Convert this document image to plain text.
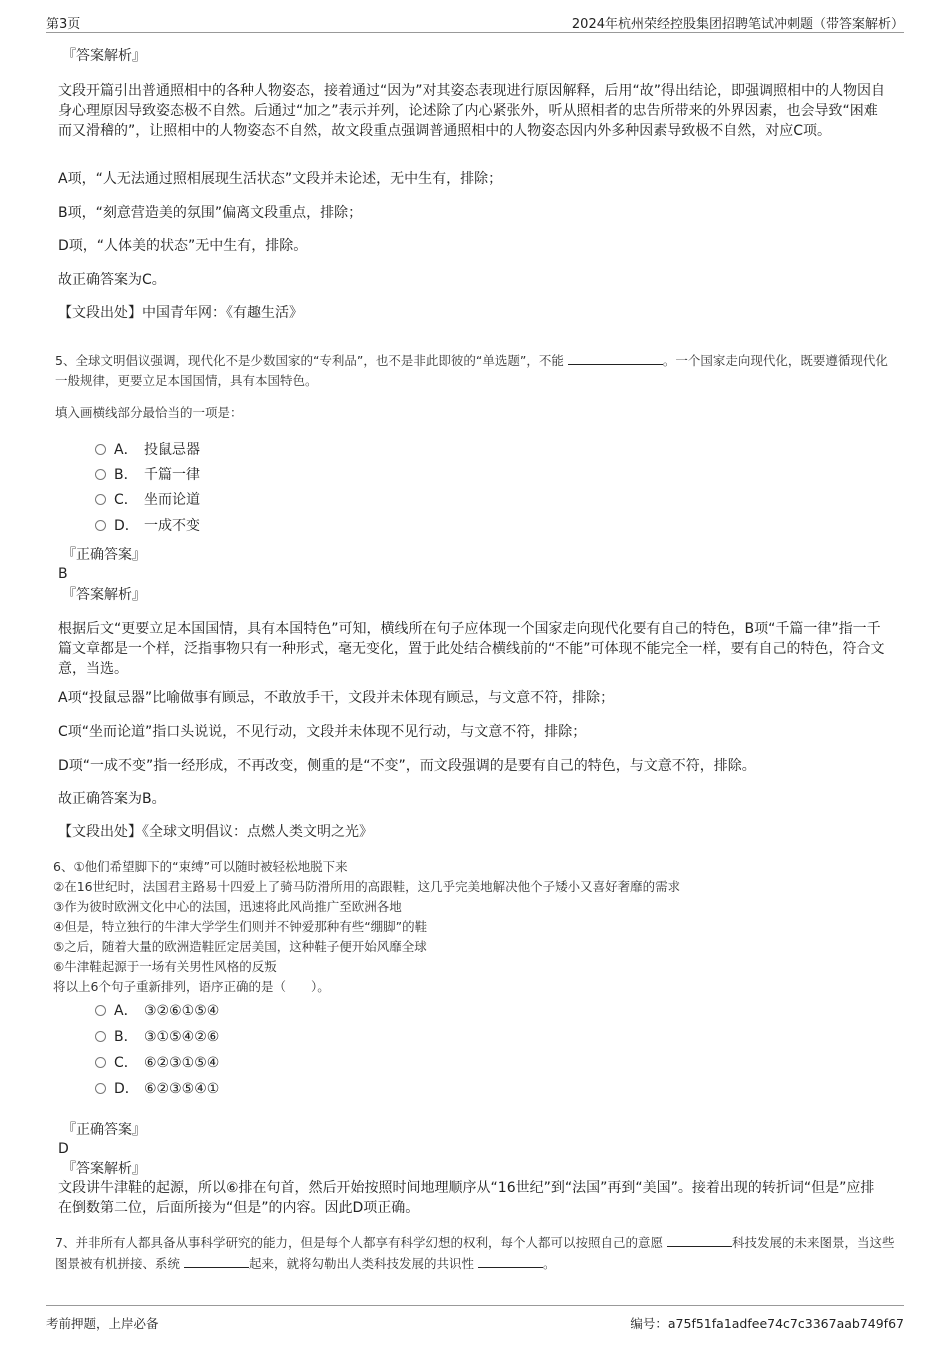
第3页	2024年杭州荣经控股集团招聘笔试冲刺题（带答案解析）
『答案解析』
文段开篇引出普通照相中的各种人物姿态，接着通过“因为”对其姿态表现进行原因解释，后用“故”得出结论，即强调照相中的人物因自身心理原因导致姿态极不自然。后通过“加之”表示并列，论述除了内心紧张外，听从照相者的忠告所带来的外界因素，也会导致“困难而又滑稽的”，让照相中的人物姿态不自然，故文段重点强调普通照相中的人物姿态因内外多种因素导致极不自然，对应C项。
A项，“人无法通过照相展现生活状态”文段并未论述，无中生有，排除；
B项，“刻意营造美的氛围”偏离文段重点，排除；
D项，“人体美的状态”无中生有，排除。
故正确答案为C。
【文段出处】中国青年网：《有趣生活》
5、全球文明倡议强调，现代化不是少数国家的“专利品”，也不是非此即彼的“单选题”，不能	。一个国家走向现代化，既要遵循现代化一般规律，更要立足本国国情，具有本国特色。
填入画横线部分最恰当的一项是：
A． 投鼠忌器
B． 千篇一律
C． 坐而论道
D． 一成不变
『正确答案』
B
『答案解析』
根据后文“更要立足本国国情，具有本国特色”可知，横线所在句子应体现一个国家走向现代化要有自己的特色，B项“千篇一律”指一千篇文章都是一个样，泛指事物只有一种形式，毫无变化，置于此处结合横线前的“不能”可体现不能完全一样，要有自己的特色，符合文意，当选。
A项“投鼠忌器”比喻做事有顾忌，不敢放手干，文段并未体现有顾忌，与文意不符，排除；
C项“坐而论道”指口头说说，不见行动，文段并未体现不见行动，与文意不符，排除；
D项“一成不变”指一经形成，不再改变，侧重的是“不变”，而文段强调的是要有自己的特色，与文意不符，排除。
故正确答案为B。
【文段出处】《全球文明倡议：点燃人类文明之光》
6、①他们希望脚下的“束缚”可以随时被轻松地脱下来
②在16世纪时，法国君主路易十四爱上了骑马防滑所用的高跟鞋，这几乎完美地解决他个子矮小又喜好奢靡的需求
③作为彼时欧洲文化中心的法国，迅速将此风尚推广至欧洲各地
④但是，特立独行的牛津大学学生们则并不钟爱那种有些“绷脚”的鞋
⑤之后，随着大量的欧洲造鞋匠定居美国，这种鞋子便开始风靡全球
⑥牛津鞋起源于一场有关男性风格的反叛
将以上6个句子重新排列，语序正确的是（　　）。
A． ③②⑥①⑤④
B． ③①⑤④②⑥
C． ⑥②③①⑤④
D． ⑥②③⑤④①
『正确答案』
D
『答案解析』
文段讲牛津鞋的起源，所以⑥排在句首，然后开始按照时间地理顺序从“16世纪”到“法国”再到“美国”。接着出现的转折词“但是”应排在倒数第二位，后面所接为“但是”的内容。因此D项正确。
7、并非所有人都具备从事科学研究的能力，但是每个人都享有科学幻想的权利，每个人都可以按照自己的意愿	科技发展的未来图景，当这些图景被有机拼接、系统	起来，就将勾勒出人类科技发展的共识性	。
考前押题，上岸必备	编号：a75f51fa1adfee74c7c3367aab749f67
